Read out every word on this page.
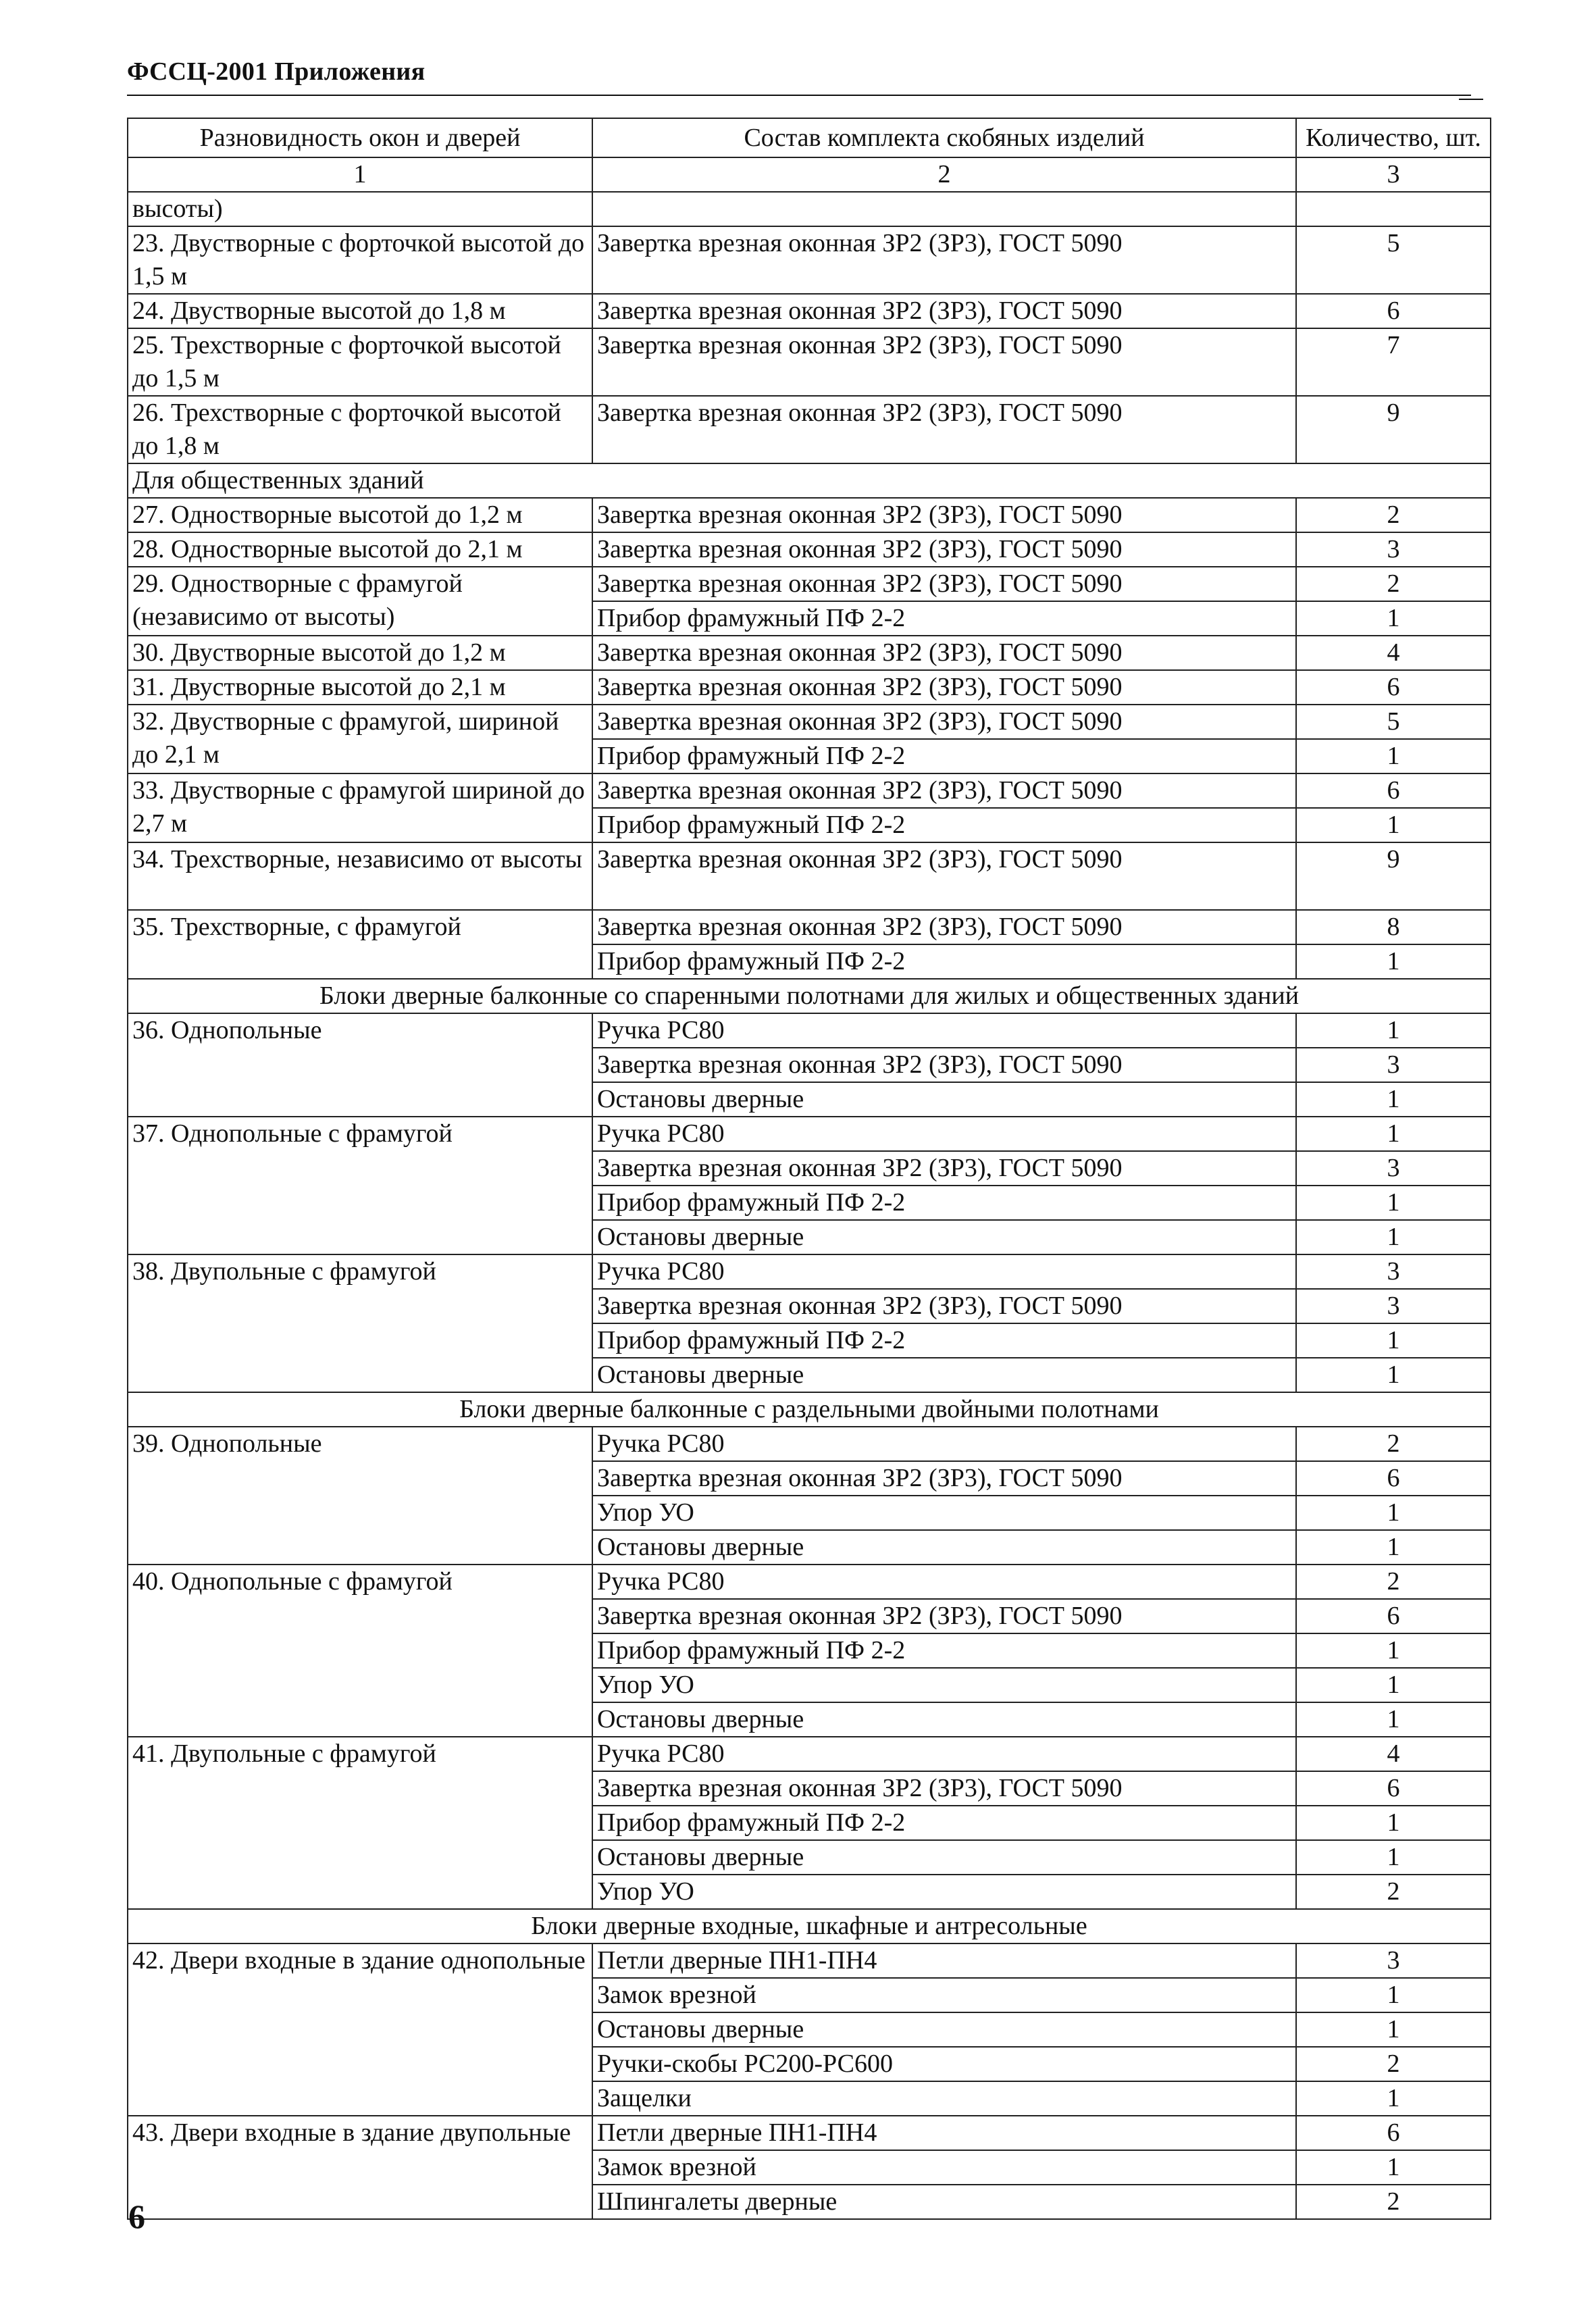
ФССЦ-2001 Приложения
Разновидность окон и дверей	Состав комплекта скобяных изделий	Количество, шт.
1	2	3
высоты)		
23. Двустворные с форточкой высотой до 1,5 м	Завертка врезная оконная ЗР2 (ЗР3), ГОСТ 5090	5
24. Двустворные высотой до 1,8 м	Завертка врезная оконная ЗР2 (ЗР3), ГОСТ 5090	6
25. Трехстворные с форточкой высотой до 1,5 м	Завертка врезная оконная ЗР2 (ЗР3), ГОСТ 5090	7
26. Трехстворные с форточкой высотой до 1,8 м	Завертка врезная оконная ЗР2 (ЗР3), ГОСТ 5090	9
Для общественных зданий		
27. Одностворные высотой до 1,2 м	Завертка врезная оконная ЗР2 (ЗР3), ГОСТ 5090	2
28. Одностворные высотой до 2,1 м	Завертка врезная оконная ЗР2 (ЗР3), ГОСТ 5090	3
29. Одностворные с фрамугой (независимо от высоты)	Завертка врезная оконная ЗР2 (ЗР3), ГОСТ 5090	2
	Прибор фрамужный ПФ 2-2	1
30. Двустворные высотой до 1,2 м	Завертка врезная оконная ЗР2 (ЗР3), ГОСТ 5090	4
31. Двустворные высотой до 2,1 м	Завертка врезная оконная ЗР2 (ЗР3), ГОСТ 5090	6
32. Двустворные с фрамугой, шириной до 2,1 м	Завертка врезная оконная ЗР2 (ЗР3), ГОСТ 5090	5
	Прибор фрамужный ПФ 2-2	1
33. Двустворные с фрамугой шириной до 2,7 м	Завертка врезная оконная ЗР2 (ЗР3), ГОСТ 5090	6
	Прибор фрамужный ПФ 2-2	1
34. Трехстворные, независимо от высоты	Завертка врезная оконная ЗР2 (ЗР3), ГОСТ 5090	9
35. Трехстворные, с фрамугой	Завертка врезная оконная ЗР2 (ЗР3), ГОСТ 5090	8
	Прибор фрамужный ПФ 2-2	1
Блоки дверные балконные со спаренными полотнами для жилых и общественных зданий		
36. Однопольные	Ручка РС80	1
	Завертка врезная оконная ЗР2 (ЗР3), ГОСТ 5090	3
	Остановы дверные	1
37. Однопольные с фрамугой	Ручка РС80	1
	Завертка врезная оконная ЗР2 (ЗР3), ГОСТ 5090	3
	Прибор фрамужный ПФ 2-2	1
	Остановы дверные	1
38. Двупольные с фрамугой	Ручка РС80	3
	Завертка врезная оконная ЗР2 (ЗР3), ГОСТ 5090	3
	Прибор фрамужный ПФ 2-2	1
	Остановы дверные	1
Блоки дверные балконные с раздельными двойными полотнами		
39. Однопольные	Ручка РС80	2
	Завертка врезная оконная ЗР2 (ЗР3), ГОСТ 5090	6
	Упор УО	1
	Остановы дверные	1
40. Однопольные с фрамугой	Ручка РС80	2
	Завертка врезная оконная ЗР2 (ЗР3), ГОСТ 5090	6
	Прибор фрамужный ПФ 2-2	1
	Упор УО	1
	Остановы дверные	1
41. Двупольные с фрамугой	Ручка РС80	4
	Завертка врезная оконная ЗР2 (ЗР3), ГОСТ 5090	6
	Прибор фрамужный ПФ 2-2	1
	Остановы дверные	1
	Упор УО	2
Блоки дверные входные, шкафные и антресольные		
42. Двери входные в здание однопольные	Петли дверные ПН1-ПН4	3
	Замок врезной	1
	Остановы дверные	1
	Ручки-скобы РС200-РС600	2
	Защелки	1
43. Двери входные в здание двупольные	Петли дверные ПН1-ПН4	6
	Замок врезной	1
	Шпингалеты дверные	2
6
